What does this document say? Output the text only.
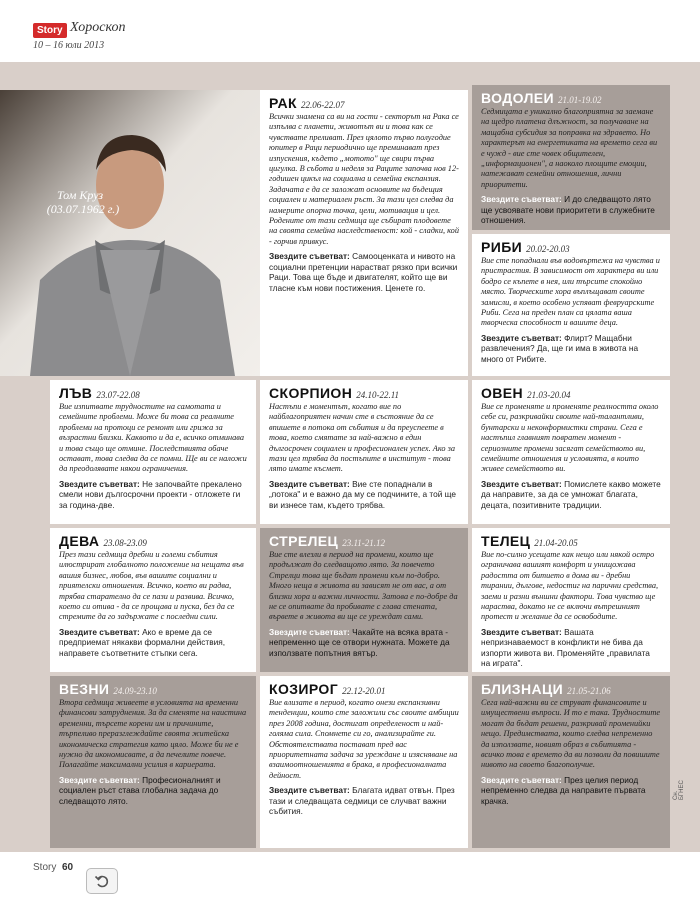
Story Хороскоп
10 – 16 юли 2013
Том Круз
(03.07.1962 г.)
РАК 22.06-22.07

Всички знамена са ви на гости - секторът на Рака се изпълва с планети, животът ви и това как се чувствате преливат. През цялото първо полугодие юпитер в Раци периодично ще преминават през изпускения, където „мотото" ще свири първа цигулка. В събота и неделя за Раците започва нов 12-годишен цикъл на социална и семейна експанзия. Задачата е да се заложат основите на бъдещия социален и материален ръст. За тази цел следва да намерите опорна точка, цели, мотивация и цел. Родените от тази седмица ще събират плодовете на своята семейна наследственост: кой - сладки, кой - горчив привкус.

Звездите съветват: Самооценката и нивото на социални претенции нарастват рязко при всички Раци. Това ще бъде и двигателят, който ще ви тласне към нови постижения. Ценете го.

ВОДОЛЕИ 21.01-19.02

Седмицата е уникално благоприятна за заемане на щедро платена длъжност, за получаване на мащабна субсидия за поправка на здравето. Но характерът на енергетиката на времето сега ви е чужд - вие сте човек общителен, „информационен", а наоколо площите емоции, натежават семейни отношения, лични приоритети.

Звездите съветват: И до следващото лято ще усвоявате нови приоритети в служебните отношения.

РИБИ 20.02-20.03

Вие сте попаднали във водовъртежа на чувства и пристрастия. В зависимост от характера ви или бодро се къпете в нея, или търсите спокойно място. Творческите хора въплъщават своите замисли, в което особено успяват февруарските Риби. Сега на преден план са цялата ваша творческа способност и вашите деца.

Звездите съветват: Флирт? Мащабни развлечения? Да, ще ги има в живота на много от Рибите.

ЛЪВ 23.07-22.08

Вие изпитвате трудностите на самотата и семейните проблеми. Може би това са реалните проблеми на протоци се ремонт или грижа за възрастни близки. Каквото и да е, всичко отминава и това също ще отмине. Последствията обаче остават, това следва да се помни. Ще ви се наложи да преодолявате някои ограничения.

Звездите съветват: Не започвайте прекалено смели нови дългосрочни проекти - отложете ги за година-две.

СКОРПИОН 24.10-22.11

Настъпи е моментът, когато вие по найблагоприятен начин сте в състояние да се впишете в потока от събития и да преуспеете в това, което смятате за най-важно в един дългосрочен социален и професионален успех. Ако за тази цел трябва да постъпите в институт - това лято имате късмет.

Звездите съветват: Вие сте попаднали в „потока" и е важно да му се подчините, а той ще ви изнесе там, където трябва.

ОВЕН 21.03-20.04

Вие се променяте и променяте реалността около себе си, разкривайки своите най-талантливи, бунтарски и неконформистки страни. Сега е настъпил главният повратен момент - сериозните промени засягат семейството ви, семейните отношения и условията, в които живее семейството ви.

Звездите съветват: Помислете какво можете да направите, за да се умножат благата, децата, позитивните традиции.

ДЕВА 23.08-23.09

През тази седмица дребни и големи събития илюстрират глобалното положение на нещата във вашия бизнес, любов, във вашите социални и приятелски отношения. Всичко, което ви радва, трябва старателно да се пази и развива. Всичко, което си отива - да се прощава и пуска, без да се стремите да го задържате с последни сили.

Звездите съветват: Ако е време да се предприемат някакви формални действия, направете съответните стъпки сега.

СТРЕЛЕЦ 23.11-21.12

Вие сте влезли в период на промени, които ще продължат до следващото лято. За повечето Стрелци това ще бъдат промени към по-добро. Много неща в живота ви зависят не от вас, а от близки хора и важни личности. Затова е по-добре да не се опитвате да пробивате с глава стената, вървете в живота ви ще се уреждат сами.

Звездите съветват: Чакайте на всяка врата - непременно ще се отвори нужната. Можете да използвате попътния вятър.

ТЕЛЕЦ 21.04-20.05

Вие по-силно усещате как нещо или някой остро ограничава вашият комфорт и унищожава радостта от битието в дома ви - дребни тирании, дългове, недостиг на парични средства, заеми и разни външни фактори. Това чувство ще нараства, докато не се включи вътрешният протест и желание да се освободите.

Звездите съветват: Вашата непризнаваемост в конфликти не бива да изпорти живота ви. Променяйте „правилата на играта".

ВЕЗНИ 24.09-23.10

Втора седмица живеете в условията на временни финансови затруднения. За да сменяте на наистина временни, търсете корени им и причините, търпеливо преразглеждайте своята житейска икономическа стратегия като цяло. Може би не е нужно да икономисвате, а да печелите повече. Полагайте максимални усилия в кариерата.

Звездите съветват: Професионалният и социален ръст става глобална задача до следващото лято.

КОЗИРОГ 22.12-20.01

Вие влизате в период, когато онези експанзивни тенденции, които сте заложили със своите амбиции през 2008 година, достигат определеност и най-голяма сила. Спомнете си го, анализирайте ги. Обстоятелствата постават пред вас приоритетната задача за уреждане и изясняване на взаимоотношенията в брака, в професионалната дейност.

Звездите съветват: Благата идват отвън. През тази и следващата седмици се случват важни събития.

БЛИЗНАЦИ 21.05-21.06

Сега най-важни ви се струват финансовите и имуществени въпроси. И то е така. Трудностите могат да бъдат решени, разкривай променийки нещо. Предимствата, които следва непременно да използвате, новият образ в събитията - всичко това е времето да ви позволи да повишите нивото на своето благополучие.

Звездите съветват: През целия период непременно следва да направите първата крачка.

Сн. БГНЕС
Story 60
